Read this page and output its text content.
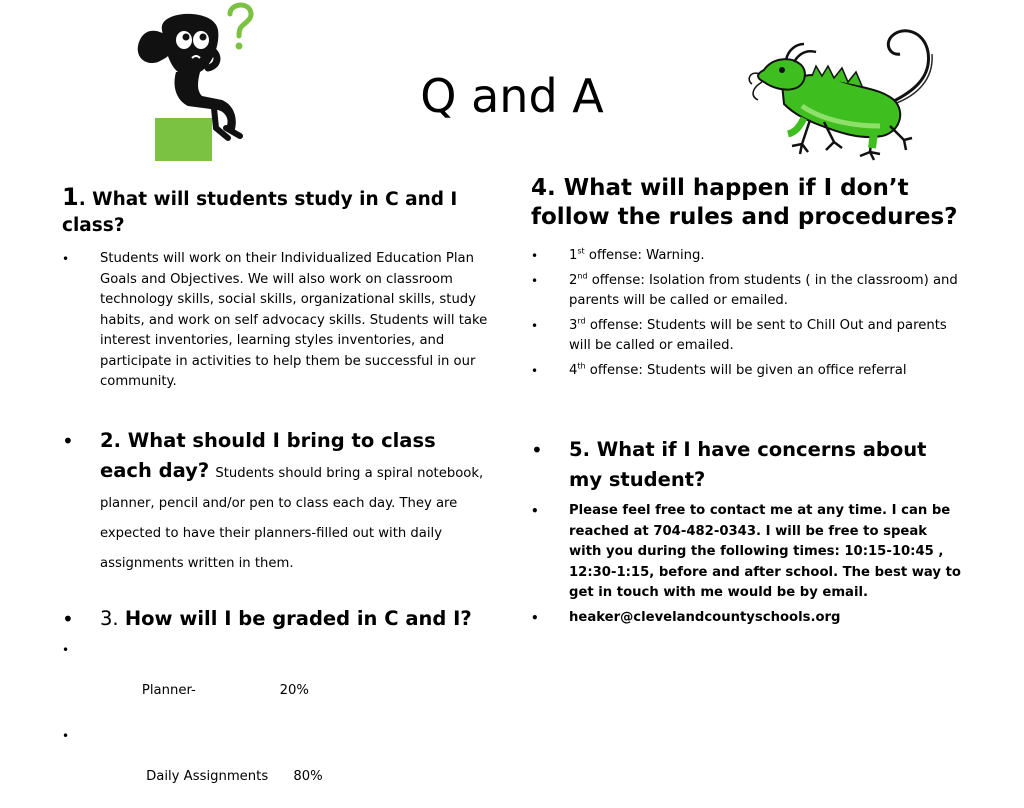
Q and A

1. What will students study in C and I class?

• Students will work on their Individualized Education Plan Goals and Objectives. We will also work on classroom technology skills, social skills, organizational skills, study habits, and work on self advocacy skills. Students will take interest inventories, learning styles inventories, and participate in activities to help them be successful in our community.
• 2. What should I bring to class each day? Students should bring a spiral notebook, planner, pencil and/or pen to class each day. They are expected to have their planners-filled out with daily assignments written in them.
• 3. How will I be graded in C and I?

•

Planner-	20%

•

Daily Assignments 80%

4. What will happen if I don’t follow the rules and procedures?

• 1st offense: Warning.
• 2nd offense: Isolation from students ( in the classroom) and parents will be called or emailed.
• 3rd offense: Students will be sent to Chill Out and parents will be called or emailed.
• 4th offense: Students will be given an office referral
• 5. What if I have concerns about my student?
• Please feel free to contact me at any time. I can be reached at 704-482-0343. I will be free to speak with you during the following times: 10:15-10:45 , 12:30-1:15, before and after school. The best way to get in touch with me would be by email.
• heaker@clevelandcountyschools.org
